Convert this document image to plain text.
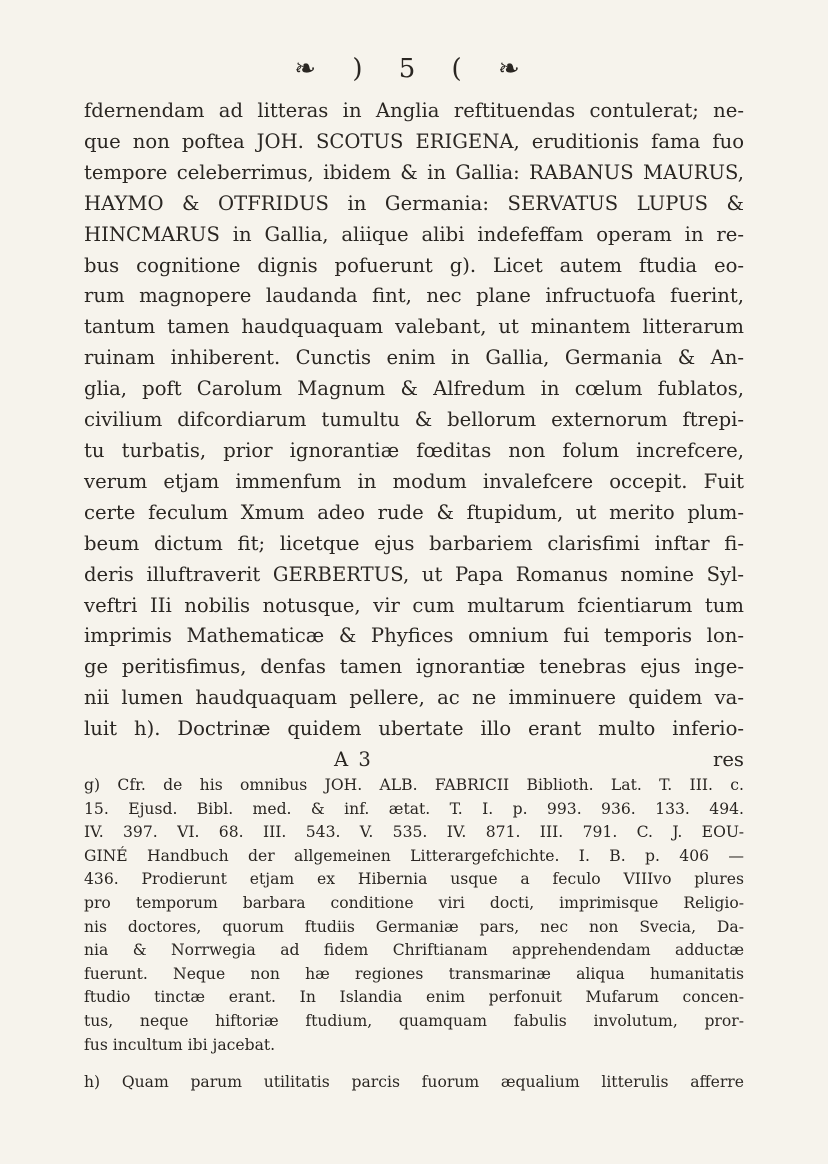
❧ ) 5 ( ❧
fdernendam ad litteras in Anglia reftituendas contulerat; ne-
que non poftea JOH. SCOTUS ERIGENA, eruditionis fama fuo
tempore celeberrimus, ibidem & in Gallia: RABANUS MAURUS,
HAYMO & OTFRIDUS in Germania: SERVATUS LUPUS &
HINCMARUS in Gallia, aliique alibi indefeffam operam in re-
bus cognitione dignis pofuerunt g). Licet autem ftudia eo-
rum magnopere laudanda fint, nec plane infructuofa fuerint,
tantum tamen haudquaquam valebant, ut minantem litterarum
ruinam inhiberent. Cunctis enim in Gallia, Germania & An-
glia, poft Carolum Magnum & Alfredum in cœlum fublatos,
civilium difcordiarum tumultu & bellorum externorum ftrepi-
tu turbatis, prior ignorantiæ fœditas non folum increfcere,
verum etjam immenfum in modum invalefcere occepit. Fuit
certe feculum Xmum adeo rude & ftupidum, ut merito plum-
beum dictum fit; licetque ejus barbariem clarisfimi inftar fi-
deris illuftraverit GERBERTUS, ut Papa Romanus nomine Syl-
veftri IIi nobilis notusque, vir cum multarum fcientiarum tum
imprimis Mathematicæ & Phyfices omnium fui temporis lon-
ge peritisfimus, denfas tamen ignorantiæ tenebras ejus inge-
nii lumen haudquaquam pellere, ac ne imminuere quidem va-
luit h). Doctrinæ quidem ubertate illo erant multo inferio-
A 3	res
g) Cfr. de his omnibus JOH. ALB. FABRICII Biblioth. Lat. T. III. c.
15. Ejusd. Bibl. med. & inf. ætat. T. I. p. 993. 936. 133. 494.
IV. 397. VI. 68. III. 543. V. 535. IV. 871. III. 791. C. J. EOU-
GINÉ Handbuch der allgemeinen Litterargefchichte. I. B. p. 406 —
436. Prodierunt etjam ex Hibernia usque a feculo VIIIvo plures
pro temporum barbara conditione viri docti, imprimisque Religio-
nis doctores, quorum ftudiis Germaniæ pars, nec non Svecia, Da-
nia & Norrwegia ad fidem Chriftianam apprehendendam adductæ
fuerunt. Neque non hæ regiones transmarinæ aliqua humanitatis
ftudio tinctæ erant. In Islandia enim perfonuit Mufarum concen-
tus, neque hiftoriæ ftudium, quamquam fabulis involutum, pror-
fus incultum ibi jacebat.
h) Quam parum utilitatis parcis fuorum æqualium litterulis afferre
